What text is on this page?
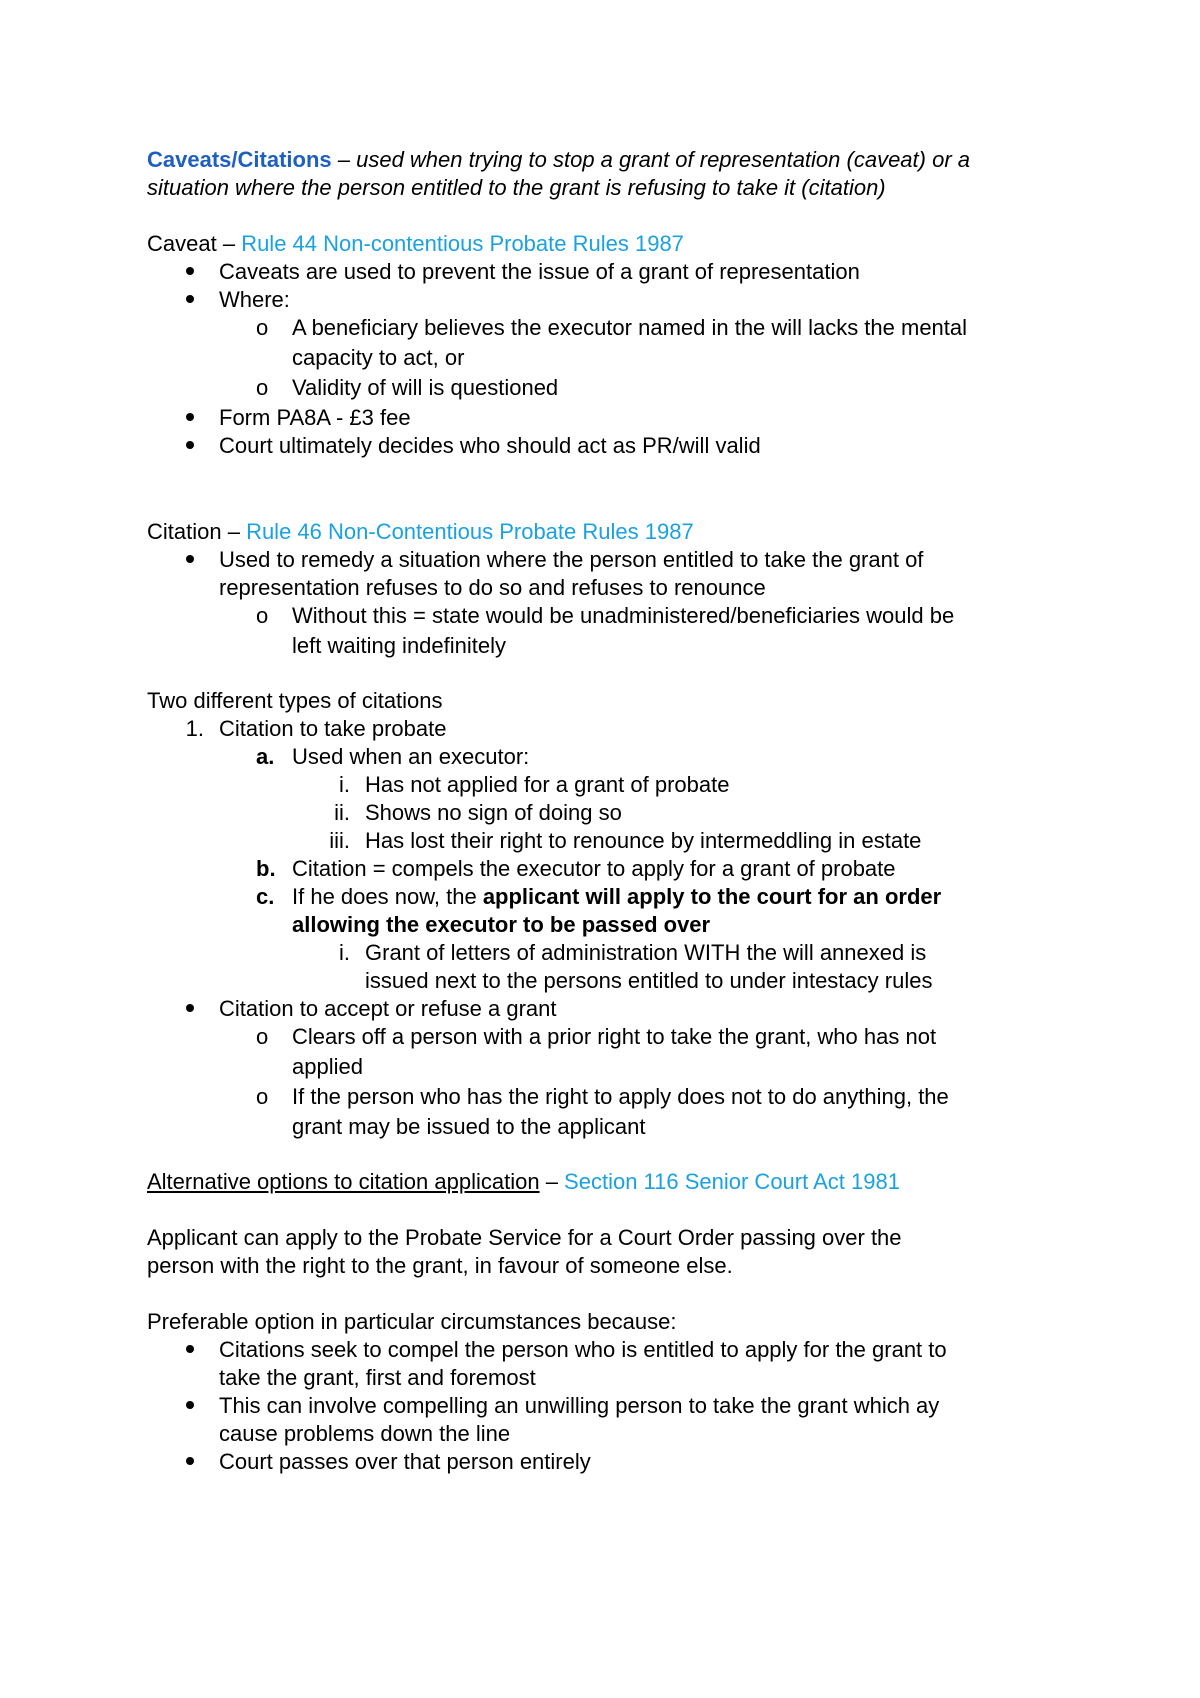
Caveats/Citations – used when trying to stop a grant of representation (caveat) or a
situation where the person entitled to the grant is refusing to take it (citation)
Caveat – Rule 44 Non-contentious Probate Rules 1987
Caveats are used to prevent the issue of a grant of representation
Where:
o A beneficiary believes the executor named in the will lacks the mental
capacity to act, or
o Validity of will is questioned
Form PA8A - £3 fee
Court ultimately decides who should act as PR/will valid
Citation – Rule 46 Non-Contentious Probate Rules 1987
Used to remedy a situation where the person entitled to take the grant of
representation refuses to do so and refuses to renounce
o Without this = state would be unadministered/beneficiaries would be
left waiting indefinitely
Two different types of citations
1. Citation to take probate
a. Used when an executor:
i. Has not applied for a grant of probate
ii. Shows no sign of doing so
iii. Has lost their right to renounce by intermeddling in estate
b. Citation = compels the executor to apply for a grant of probate
c. If he does now, the applicant will apply to the court for an order
allowing the executor to be passed over
i. Grant of letters of administration WITH the will annexed is
issued next to the persons entitled to under intestacy rules
Citation to accept or refuse a grant
o Clears off a person with a prior right to take the grant, who has not
applied
o If the person who has the right to apply does not to do anything, the
grant may be issued to the applicant
Alternative options to citation application – Section 116 Senior Court Act 1981
Applicant can apply to the Probate Service for a Court Order passing over the
person with the right to the grant, in favour of someone else.
Preferable option in particular circumstances because:
Citations seek to compel the person who is entitled to apply for the grant to
take the grant, first and foremost
This can involve compelling an unwilling person to take the grant which ay
cause problems down the line
Court passes over that person entirely
